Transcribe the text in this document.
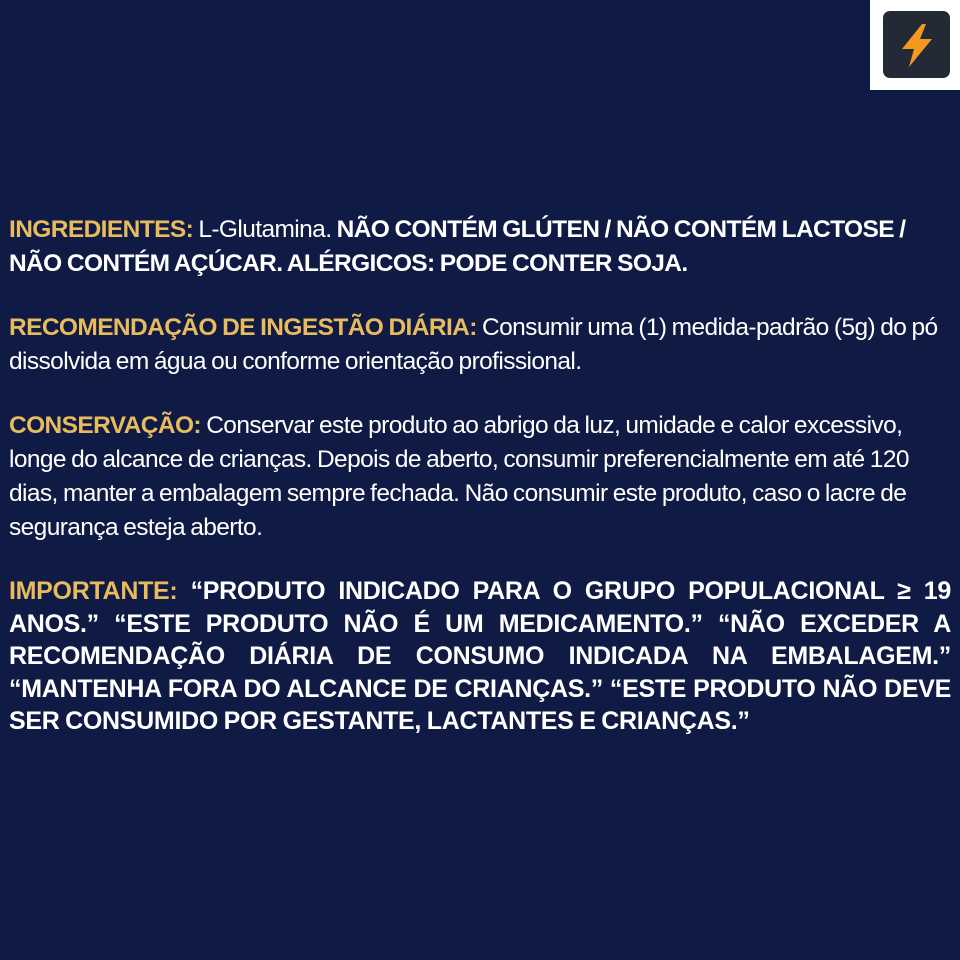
INGREDIENTES: L-Glutamina. NÃO CONTÉM GLÚTEN / NÃO CONTÉM LACTOSE / NÃO CONTÉM AÇÚCAR. ALÉRGICOS: PODE CONTER SOJA.

RECOMENDAÇÃO DE INGESTÃO DIÁRIA: Consumir uma (1) medida-padrão (5g) do pó dissolvida em água ou conforme orientação profissional.

CONSERVAÇÃO: Conservar este produto ao abrigo da luz, umidade e calor excessivo, longe do alcance de crianças. Depois de aberto, consumir preferencialmente em até 120 dias, manter a embalagem sempre fechada. Não consumir este produto, caso o lacre de segurança esteja aberto.

IMPORTANTE: “PRODUTO INDICADO PARA O GRUPO POPULACIONAL ≥ 19 ANOS.” “ESTE PRODUTO NÃO É UM MEDICAMENTO.” “NÃO EXCEDER A RECOMENDAÇÃO DIÁRIA DE CONSUMO INDICADA NA EMBALAGEM.” “MANTENHA FORA DO ALCANCE DE CRIANÇAS.” “ESTE PRODUTO NÃO DEVE SER CONSUMIDO POR GESTANTE, LACTANTES E CRIANÇAS.”
